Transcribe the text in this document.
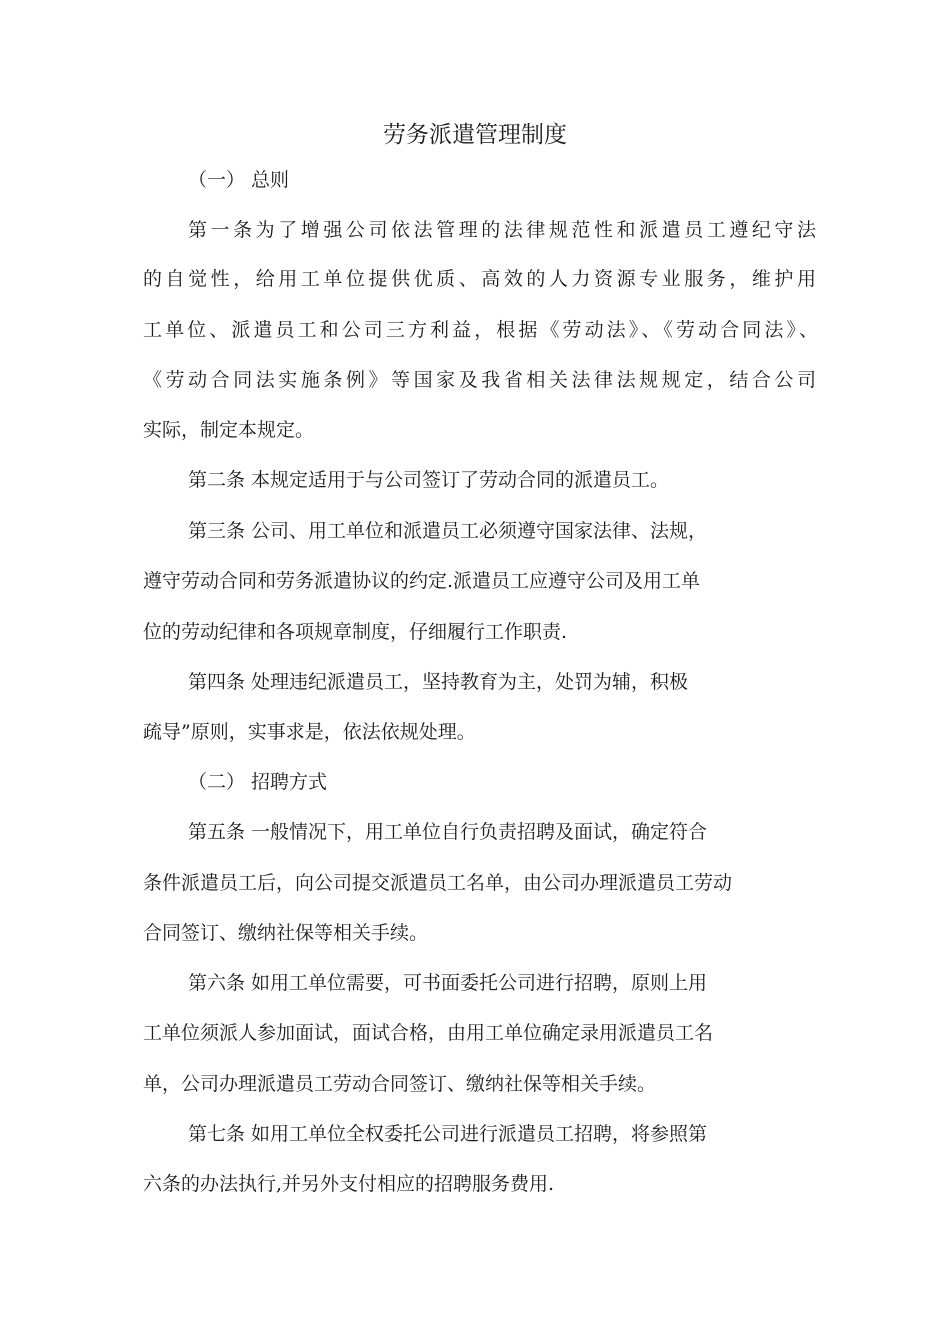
劳务派遣管理制度
（一） 总则
第一条为了增强公司依法管理的法律规范性和派遣员工遵纪守法
的自觉性，给用工单位提供优质、高效的人力资源专业服务，维护用
工单位、派遣员工和公司三方利益，根据《劳动法》、《劳动合同法》、
《劳动合同法实施条例》等国家及我省相关法律法规规定，结合公司
实际，制定本规定。
第二条 本规定适用于与公司签订了劳动合同的派遣员工。
第三条 公司、用工单位和派遣员工必须遵守国家法律、法规，
遵守劳动合同和劳务派遣协议的约定.派遣员工应遵守公司及用工单
位的劳动纪律和各项规章制度，仔细履行工作职责.
第四条 处理违纪派遣员工，坚持教育为主，处罚为辅，积极
疏导”原则，实事求是，依法依规处理。
（二） 招聘方式
第五条 一般情况下，用工单位自行负责招聘及面试，确定符合
条件派遣员工后，向公司提交派遣员工名单，由公司办理派遣员工劳动
合同签订、缴纳社保等相关手续。
第六条 如用工单位需要，可书面委托公司进行招聘，原则上用
工单位须派人参加面试，面试合格，由用工单位确定录用派遣员工名
单，公司办理派遣员工劳动合同签订、缴纳社保等相关手续。
第七条 如用工单位全权委托公司进行派遣员工招聘，将参照第
六条的办法执行,并另外支付相应的招聘服务费用.
